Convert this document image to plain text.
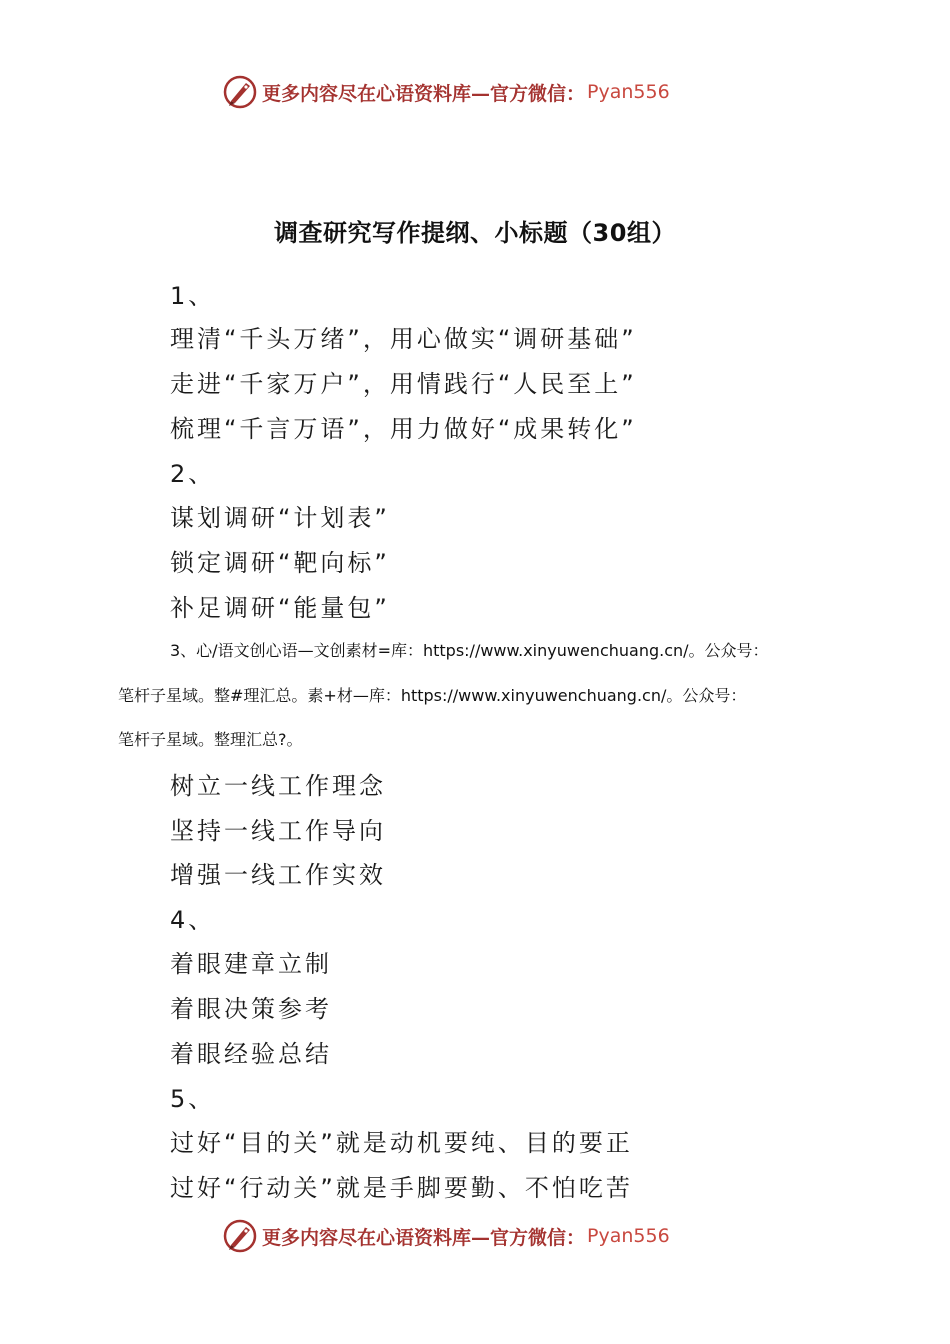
更多内容尽在心语资料库—官方微信： Pyan556
调查研究写作提纲、小标题（30组）
1、
理清“千头万绪”，用心做实“调研基础”
走进“千家万户”，用情践行“人民至上”
梳理“千言万语”，用力做好“成果转化”
2、
谋划调研“计划表”
锁定调研“靶向标”
补足调研“能量包”
3、心/语文创心语—文创素材=库：https://www.xinyuwenchuang.cn/。公众号：
笔杆子星域。整#理汇总。素+材—库：https://www.xinyuwenchuang.cn/。公众号：
笔杆子星域。整理汇总?。
树立一线工作理念
坚持一线工作导向
增强一线工作实效
4、
着眼建章立制
着眼决策参考
着眼经验总结
5、
过好“目的关”就是动机要纯、目的要正
过好“行动关”就是手脚要勤、不怕吃苦
更多内容尽在心语资料库—官方微信： Pyan556
